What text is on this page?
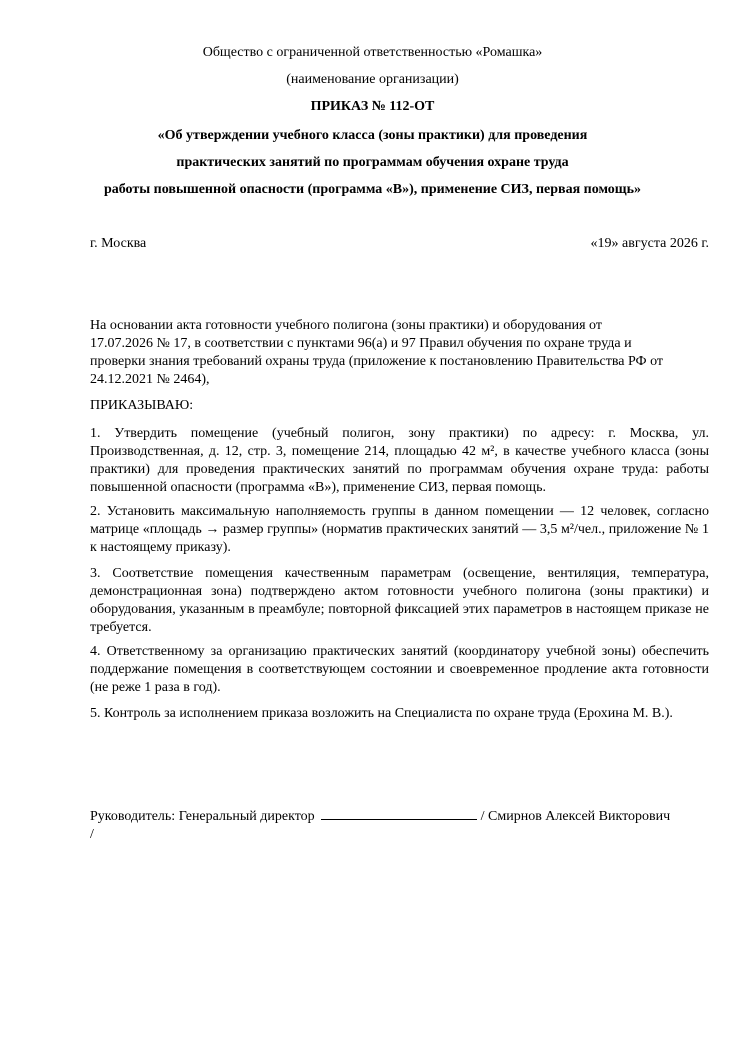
Общество с ограниченной ответственностью «Ромашка»
(наименование организации)
ПРИКАЗ № 112-ОТ
«Об утверждении учебного класса (зоны практики) для проведения
практических занятий по программам обучения охране труда
работы повышенной опасности (программа «В»), применение СИЗ, первая помощь»
г. Москва	«19» августа 2026 г.
На основании акта готовности учебного полигона (зоны практики) и оборудования от
17.07.2026 № 17, в соответствии с пунктами 96(а) и 97 Правил обучения по охране труда и
проверки знания требований охраны труда (приложение к постановлению Правительства РФ от
24.12.2021 № 2464),
ПРИКАЗЫВАЮ:
1. Утвердить помещение (учебный полигон, зону практики) по адресу: г. Москва, ул. Производственная, д. 12, стр. 3, помещение 214, площадью 42 м², в качестве учебного класса (зоны практики) для проведения практических занятий по программам обучения охране труда: работы повышенной опасности (программа «В»), применение СИЗ, первая помощь.
2. Установить максимальную наполняемость группы в данном помещении — 12 человек, согласно матрице «площадь → размер группы» (норматив практических занятий — 3,5 м²/чел., приложение № 1 к настоящему приказу).
3. Соответствие помещения качественным параметрам (освещение, вентиляция, температура, демонстрационная зона) подтверждено актом готовности учебного полигона (зоны практики) и оборудования, указанным в преамбуле; повторной фиксацией этих параметров в настоящем приказе не требуется.
4. Ответственному за организацию практических занятий (координатору учебной зоны) обеспечить поддержание помещения в соответствующем состоянии и своевременное продление акта готовности (не реже 1 раза в год).
5. Контроль за исполнением приказа возложить на Специалиста по охране труда (Ерохина М. В.).
Руководитель: Генеральный директор	/ Смирнов Алексей Викторович
/
